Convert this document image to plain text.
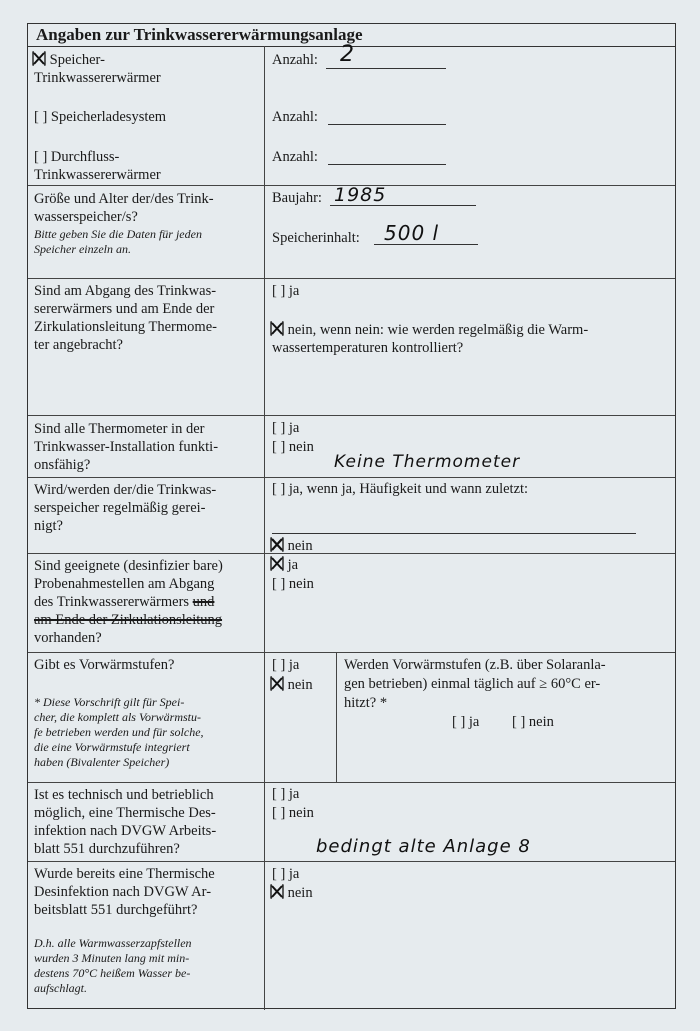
Angaben zur Trinkwassererwärmungsanlage
Speicher-
Trinkwassererwärmer
Anzahl: 2
[ ] Speicherladesystem	Anzahl:
[ ] Durchfluss-
Trinkwassererwärmer
Anzahl:
Größe und Alter der/des Trink-
wasserspeicher/s?
Bitte geben Sie die Daten für jeden
Speicher einzeln an.
Baujahr: 1985
Speicherinhalt: 500 l
Sind am Abgang des Trinkwas-
sererwärmers und am Ende der
Zirkulationsleitung Thermome-
ter angebracht?
[ ] ja
nein, wenn nein: wie werden regelmäßig die Warm-
wassertemperaturen kontrolliert?
Sind alle Thermometer in der
Trinkwasser-Installation funkti-
onsfähig?
[ ] ja
[ ] nein
Keine Thermometer
Wird/werden der/die Trinkwas-
serspeicher regelmäßig gerei-
nigt?
[ ] ja, wenn ja, Häufigkeit und wann zuletzt:
nein
Sind geeignete (desinfizier bare)
Probenahmestellen am Abgang
des Trinkwassererwärmers und
am Ende der Zirkulationsleitung
vorhanden?
ja
[ ] nein
Gibt es Vorwärmstufen?
* Diese Vorschrift gilt für Spei-
cher, die komplett als Vorwärmstu-
fe betrieben werden und für solche,
die eine Vorwärmstufe integriert
haben (Bivalenter Speicher)
[ ] ja
nein
Werden Vorwärmstufen (z.B. über Solaranla-
gen betrieben) einmal täglich auf ≥ 60°C er-
hitzt? *
[ ] ja [ ] nein
Ist es technisch und betrieblich
möglich, eine Thermische Des-
infektion nach DVGW Arbeits-
blatt 551 durchzuführen?
[ ] ja
[ ] nein
bedingt alte Anlage 8
Wurde bereits eine Thermische
Desinfektion nach DVGW Ar-
beitsblatt 551 durchgeführt?
D.h. alle Warmwasserzapfstellen
wurden 3 Minuten lang mit min-
destens 70°C heißem Wasser be-
aufschlagt.
[ ] ja
nein
